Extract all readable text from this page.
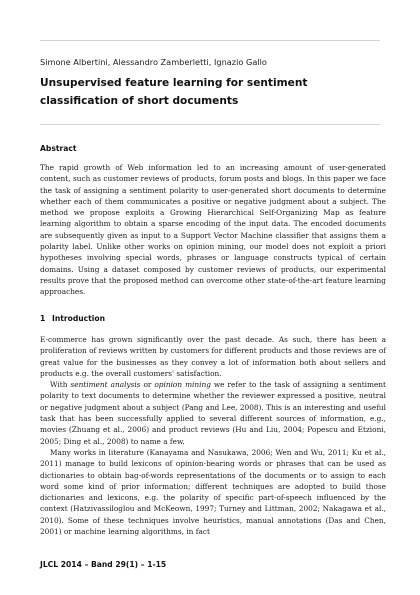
Simone Albertini, Alessandro Zamberletti, Ignazio Gallo
Unsupervised feature learning for sentiment classification of short documents
Abstract

The rapid growth of Web information led to an increasing amount of user-generated content, such as customer reviews of products, forum posts and blogs. In this paper we face the task of assigning a sentiment polarity to user-generated short documents to determine whether each of them communicates a positive or negative judgment about a subject. The method we propose exploits a Growing Hierarchical Self-Organizing Map as feature learning algorithm to obtain a sparse encoding of the input data. The encoded documents are subsequently given as input to a Support Vector Machine classifier that assigns them a polarity label. Unlike other works on opinion mining, our model does not exploit a priori hypotheses involving special words, phrases or language constructs typical of certain domains. Using a dataset composed by customer reviews of products, our experimental results prove that the proposed method can overcome other state-of-the-art feature learning approaches.

1 Introduction

E-commerce has grown significantly over the past decade. As such, there has been a proliferation of reviews written by customers for different products and those reviews are of great value for the businesses as they convey a lot of information both about sellers and products e.g. the overall customers' satisfaction.

With sentiment analysis or opinion mining we refer to the task of assigning a sentiment polarity to text documents to determine whether the reviewer expressed a positive, neutral or negative judgment about a subject (Pang and Lee, 2008). This is an interesting and useful task that has been successfully applied to several different sources of information, e.g., movies (Zhuang et al., 2006) and product reviews (Hu and Liu, 2004; Popescu and Etzioni, 2005; Ding et al., 2008) to name a few.

Many works in literature (Kanayama and Nasukawa, 2006; Wen and Wu, 2011; Ku et al., 2011) manage to build lexicons of opinion-bearing words or phrases that can be used as dictionaries to obtain bag-of-words representations of the documents or to assign to each word some kind of prior information; different techniques are adopted to build those dictionaries and lexicons, e.g. the polarity of specific part-of-speech influenced by the context (Hatzivassiloglou and McKeown, 1997; Turney and Littman, 2002; Nakagawa et al., 2010). Some of these techniques involve heuristics, manual annotations (Das and Chen, 2001) or machine learning algorithms, in fact

JLCL 2014 – Band 29(1) – 1-15
